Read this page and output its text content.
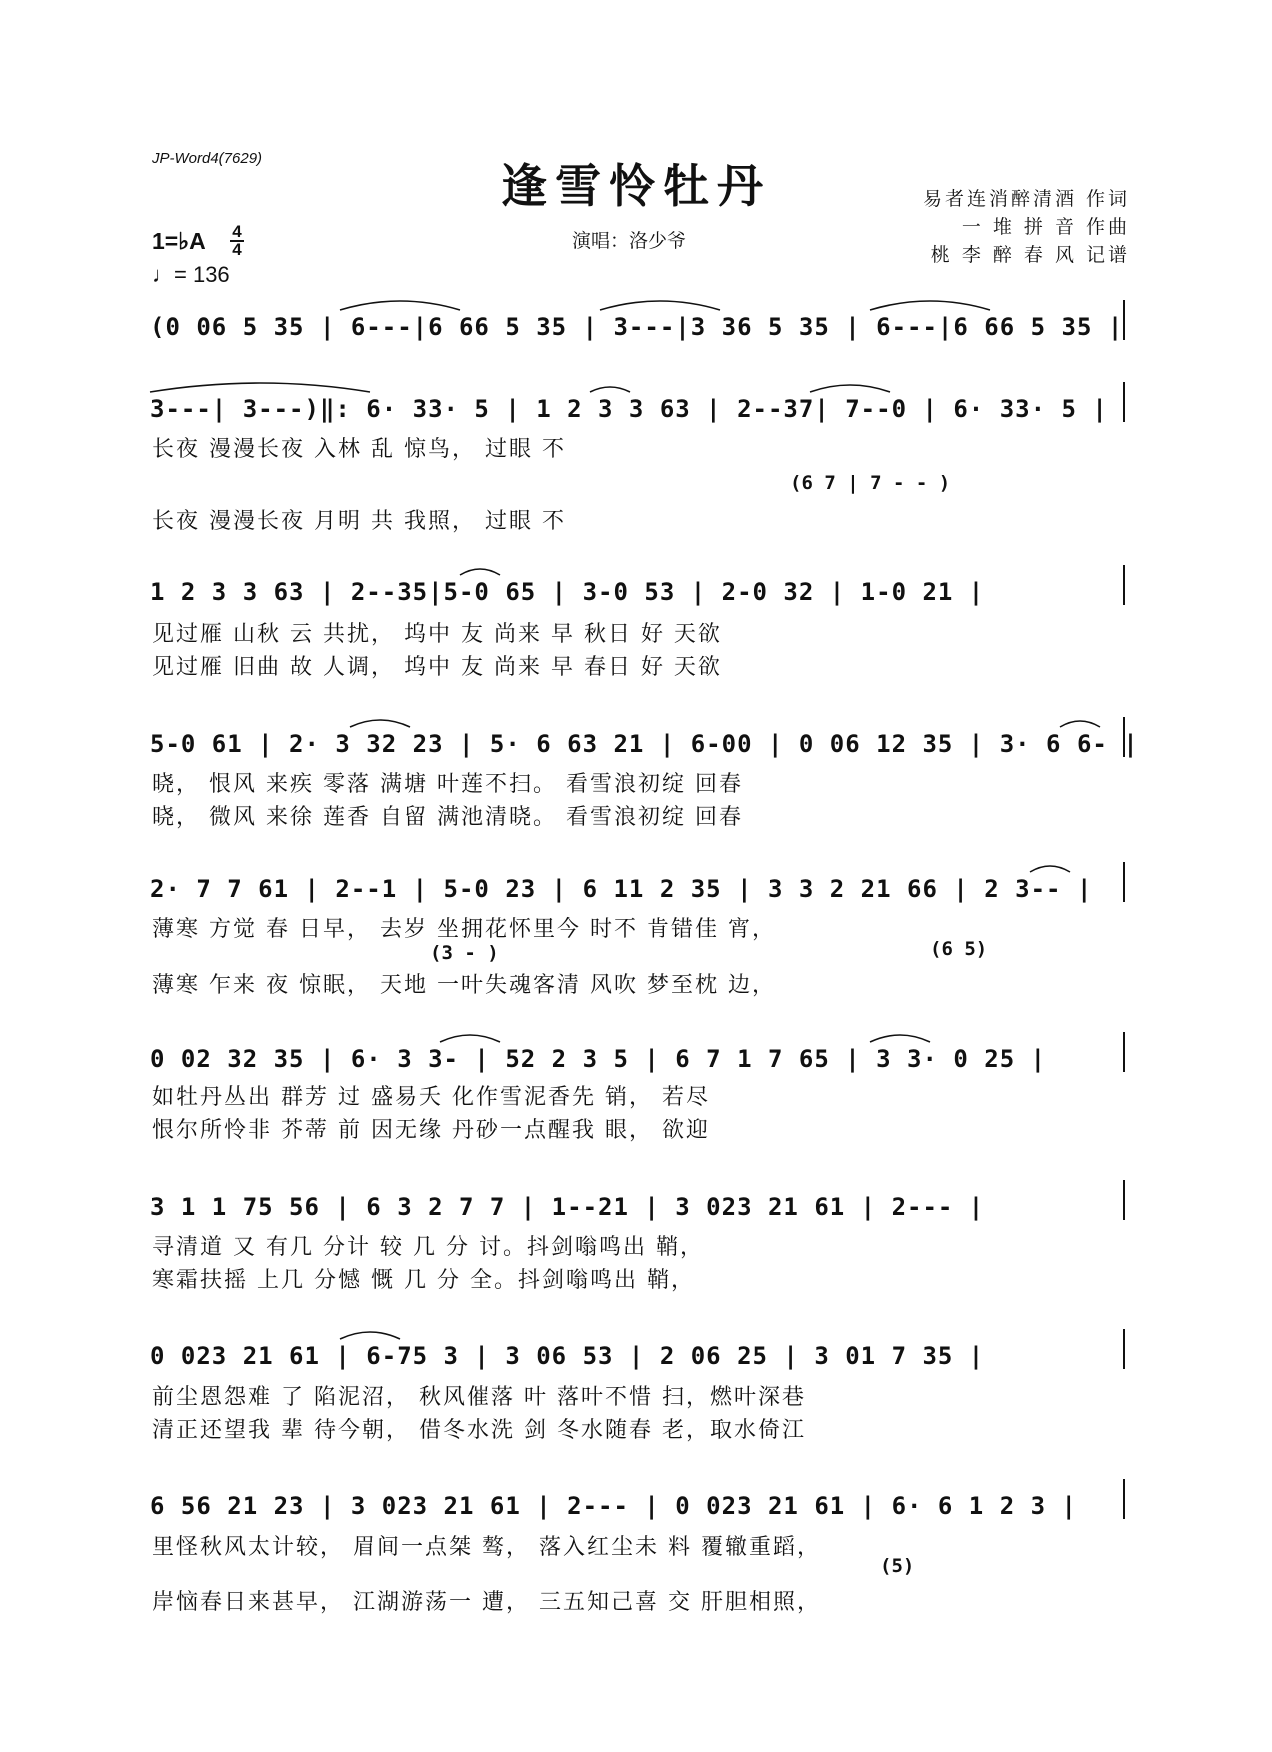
JP-Word4(7629)
逢雪怜牡丹
演唱：洛少爷
易者连消醉清酒 作词
一 堆 拼 音 作曲
桃 李 醉 春 风 记谱
1=♭A 4
4
♩= 136
(0 06 5 35 | 6---|6 66 5 35 | 3---|3 36 5 35 | 6---|6 66 5 35 |
3---| 3---)‖: 6· 33· 5 | 1 2 3 3 63 | 2--37| 7--0 | 6· 33· 5 |
长夜 漫漫长夜 入林 乱 惊鸟， 过眼 不
(6 7 | 7 - - )
长夜 漫漫长夜 月明 共 我照， 过眼 不
1 2 3 3 63 | 2--35|5-0 65 | 3-0 53 | 2-0 32 | 1-0 21 |
见过雁 山秋 云 共扰， 坞中 友 尚来 早 秋日 好 天欲
见过雁 旧曲 故 人调， 坞中 友 尚来 早 春日 好 天欲
5-0 61 | 2· 3 32 23 | 5· 6 63 21 | 6-00 | 0 06 12 35 | 3· 6 6- |
晓， 恨风 来疾 零落 满塘 叶莲不扫。 看雪浪初绽 回春
晓， 微风 来徐 莲香 自留 满池清晓。 看雪浪初绽 回春
2· 7 7 61 | 2--1 | 5-0 23 | 6 11 2 35 | 3 3 2 21 66 | 2 3-- |
薄寒 方觉 春 日早， 去岁 坐拥花怀里今 时不 肯错佳 宵，
(3 - )	(6 5)
薄寒 乍来 夜 惊眠， 天地 一叶失魂客清 风吹 梦至枕 边，
0 02 32 35 | 6· 3 3- | 52 2 3 5 | 6 7 1 7 65 | 3 3· 0 25 |
如牡丹丛出 群芳 过 盛易夭 化作雪泥香先 销， 若尽
恨尔所怜非 芥蒂 前 因无缘 丹砂一点醒我 眼， 欲迎
3 1 1 75 56 | 6 3 2 7 7 | 1--21 | 3 023 21 61 | 2--- |
寻清道 又 有几 分计 较 几 分 讨。抖剑嗡鸣出 鞘，
寒霜扶摇 上几 分憾 慨 几 分 全。抖剑嗡鸣出 鞘，
0 023 21 61 | 6-75 3 | 3 06 53 | 2 06 25 | 3 01 7 35 |
前尘恩怨难 了 陷泥沼， 秋风催落 叶 落叶不惜 扫，燃叶深巷
清正还望我 辈 待今朝， 借冬水洗 剑 冬水随春 老，取水倚江
6 56 21 23 | 3 023 21 61 | 2--- | 0 023 21 61 | 6· 6 1 2 3 |
里怪秋风太计较， 眉间一点桀 骜， 落入红尘未 料 覆辙重蹈，
(5)
岸恼春日来甚早， 江湖游荡一 遭， 三五知己喜 交 肝胆相照，
